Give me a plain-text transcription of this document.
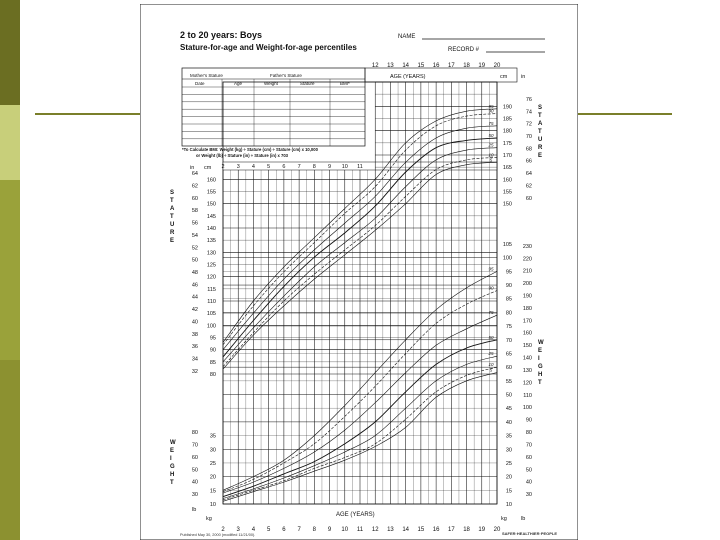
2 to 20 years: Boys
Stature-for-age and Weight-for-age percentiles
NAME
RECORD #
Mother's Stature	Father's Stature
Date	Age	Weight	Stature	BMI*
*To Calculate BMI: Weight (kg) ÷ Stature (cm) ÷ Stature (cm) x 10,000
or Weight (lb) ÷ Stature (in) ÷ Stature (in) x 703
S T A T U R E
W E I G H T
S T A T U R E
W E I G H T
AGE (YEARS)
12 13 14 15 16 17 18 19 20
in cm
cm in
lb
kg	kg	lb
2 3 4 5 6 7 8 9 10 11
80
85
90
95
100
105
110
115
120
125
130
135
140
145
150
155
160
32
34
36
38
40
42
44
46
48
50
52
54
56
58
60
62
64
10
15
20
25
30
35
30
40
50
60
70
80
150
155
160
165
170
175
180
185
190
60
62
64
66
68
70
72
74
76
10
15
20
25
30
35
40
45
50
55
60
65
70
75
80
85
90
95
100
105
30
40
50
60
70
80
90
100
110
120
130
140
150
160
170
180
190
200
210
220
230
95
90
75
50
25
10
5
95
90
75
50
25
10
5
2 3 4 5 6 7 8 9 10 11 12 13 14 15 16 17 18 19 20
AGE (YEARS)
Published May 30, 2000 (modified 11/21/00).	SAFER·HEALTHIER·PEOPLE
